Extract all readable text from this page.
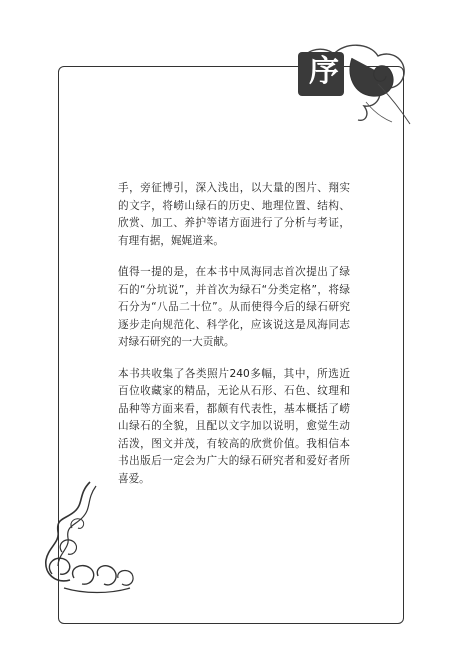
序

手，旁征博引，深入浅出，以大量的图片、翔实的文字，将崂山绿石的历史、地理位置、结构、欣赏、加工、养护等诸方面进行了分析与考证，有理有据，娓娓道来。

值得一提的是，在本书中凤海同志首次提出了绿石的“分坑说”，并首次为绿石“分类定格”，将绿石分为“八品二十位”。从而使得今后的绿石研究逐步走向规范化、科学化，应该说这是凤海同志对绿石研究的一大贡献。

本书共收集了各类照片240多幅，其中，所选近百位收藏家的精品，无论从石形、石色、纹理和品种等方面来看，都颇有代表性，基本概括了崂山绿石的全貌，且配以文字加以说明，愈觉生动活泼，图文并茂，有较高的欣赏价值。我相信本书出版后一定会为广大的绿石研究者和爱好者所喜爱。
